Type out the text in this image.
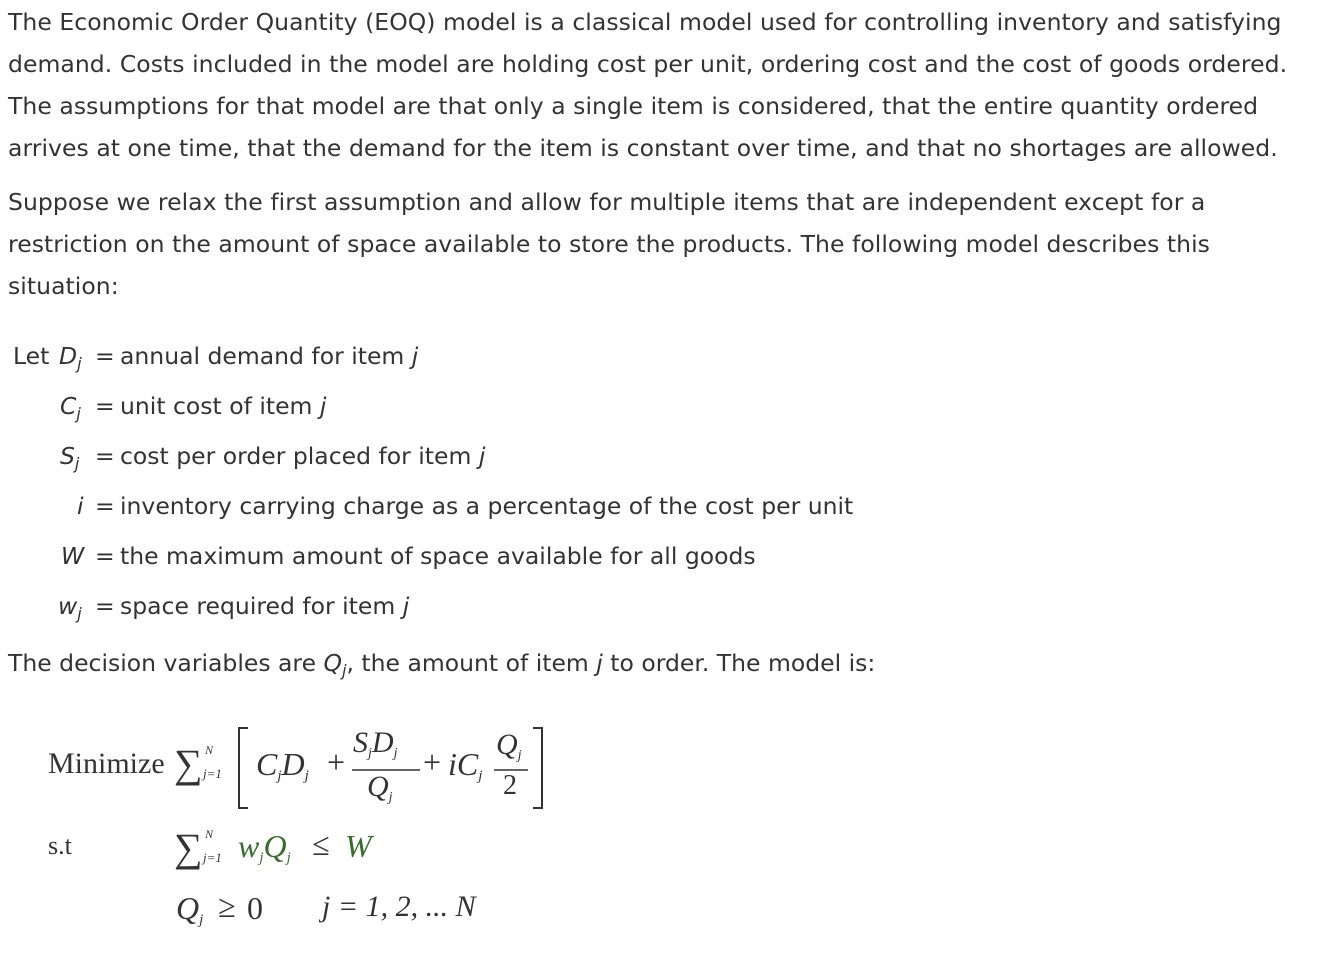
The Economic Order Quantity (EOQ) model is a classical model used for controlling inventory and satisfying
demand. Costs included in the model are holding cost per unit, ordering cost and the cost of goods ordered.
The assumptions for that model are that only a single item is considered, that the entire quantity ordered
arrives at one time, that the demand for the item is constant over time, and that no shortages are allowed.

Suppose we relax the first assumption and allow for multiple items that are independent except for a
restriction on the amount of space available to store the products. The following model describes this
situation:

Let $D_j$ = annual demand for item j
$C_j$ = unit cost of item j
$S_j = \cos t$ per order placed for item j
i = inventory carrying charge as a percentage of the cost per unit
W = the maximum amount of space available for all goods
$w_j$ = space required for item j
The decision variables are $Q_j$, the amount of item j to order. The model is:
Minimize ∑ N
j=1 $C_jD_j$ +
$S_jD_j$
$Q_j$
+ $iC_j$
$Q_j$
2
s.t	∑ N
j=1 $w_jQ_j \le W$
$Q_j \ge 0$ j = 1, 2, ... N
